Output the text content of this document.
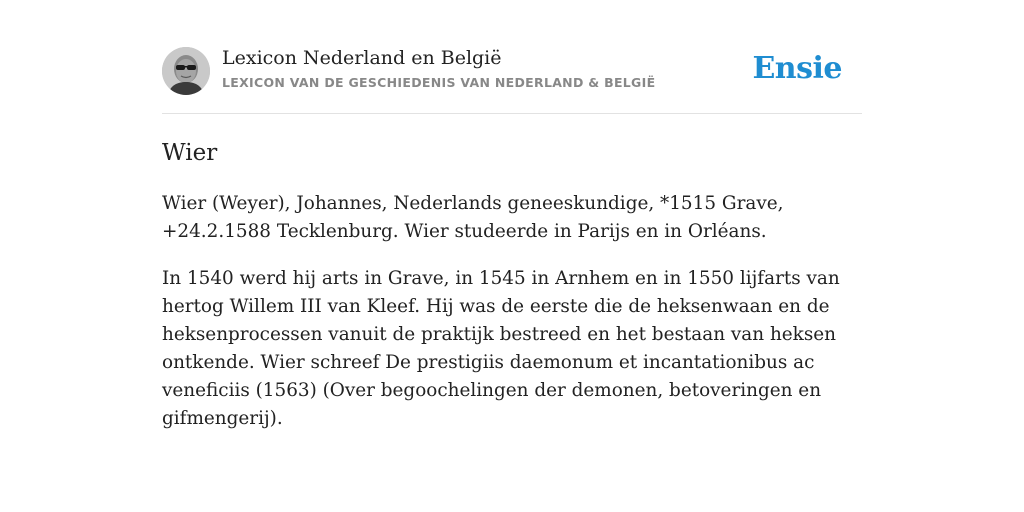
Lexicon Nederland en België
LEXICON VAN DE GESCHIEDENIS VAN NEDERLAND & BELGIË	Ensie
Wier

Wier (Weyer), Johannes, Nederlands geneeskundige, *1515 Grave, +24.2.1588 Tecklenburg. Wier studeerde in Parijs en in Orléans.

In 1540 werd hij arts in Grave, in 1545 in Arnhem en in 1550 lijfarts van hertog Willem III van Kleef. Hij was de eerste die de heksenwaan en de heksenprocessen vanuit de praktijk bestreed en het bestaan van heksen ontkende. Wier schreef De prestigiis daemonum et incantationibus ac veneficiis (1563) (Over begoochelingen der demonen, betoveringen en gifmengerij).
